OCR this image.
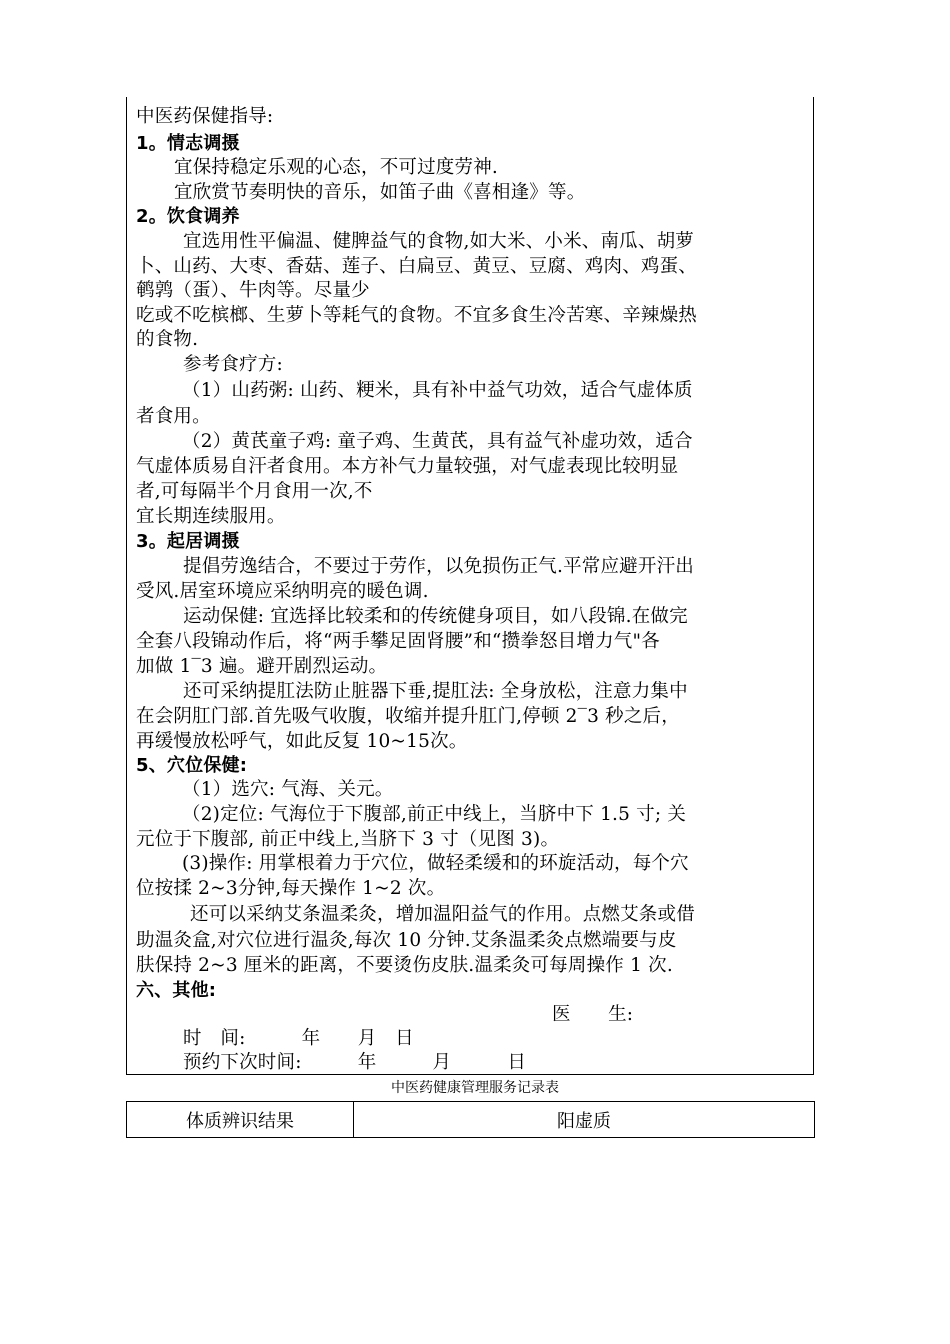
中医药保健指导:
1。情志调摄
宜保持稳定乐观的心态，不可过度劳神.
宜欣赏节奏明快的音乐，如笛子曲《喜相逢》等。
2。饮食调养
宜选用性平偏温、健脾益气的食物,如大米、小米、南瓜、胡萝
卜、山药、大枣、香菇、莲子、白扁豆、黄豆、豆腐、鸡肉、鸡蛋、
鹌鹑（蛋）、牛肉等。尽量少
吃或不吃槟榔、生萝卜等耗气的食物。不宜多食生冷苦寒、辛辣燥热
的食物.
参考食疗方:
（1）山药粥: 山药、粳米，具有补中益气功效，适合气虚体质
者食用。
（2）黄芪童子鸡: 童子鸡、生黄芪，具有益气补虚功效，适合
气虚体质易自汗者食用。本方补气力量较强，对气虚表现比较明显
者,可每隔半个月食用一次,不
宜长期连续服用。
3。起居调摄
提倡劳逸结合，不要过于劳作，以免损伤正气.平常应避开汗出
受风.居室环境应采纳明亮的暖色调.
运动保健: 宜选择比较柔和的传统健身项目，如八段锦.在做完
全套八段锦动作后，将“两手攀足固肾腰”和“攒拳怒目增力气"各
加做 1‾3 遍。避开剧烈运动。
还可采纳提肛法防止脏器下垂,提肛法: 全身放松，注意力集中
在会阴肛门部.首先吸气收腹，收缩并提升肛门,停顿 2‾3 秒之后，
再缓慢放松呼气，如此反复 10~15次。
5、穴位保健:
（1）选穴: 气海、关元。
（2)定位: 气海位于下腹部,前正中线上，当脐中下 1.5 寸; 关
元位于下腹部, 前正中线上,当脐下 3 寸（见图 3)。
(3)操作: 用掌根着力于穴位，做轻柔缓和的环旋活动，每个穴
位按揉 2~3分钟,每天操作 1~2 次。
还可以采纳艾条温柔灸，增加温阳益气的作用。点燃艾条或借
助温灸盒,对穴位进行温灸,每次 10 分钟.艾条温柔灸点燃端要与皮
肤保持 2~3 厘米的距离，不要烫伤皮肤.温柔灸可每周操作 1 次.
六、其他:
医　　生:
时　间:　　　年　　月　日
预约下次时间:　　　年　　　月　　　日
中医药健康管理服务记录表
体质辨识结果	阳虚质
